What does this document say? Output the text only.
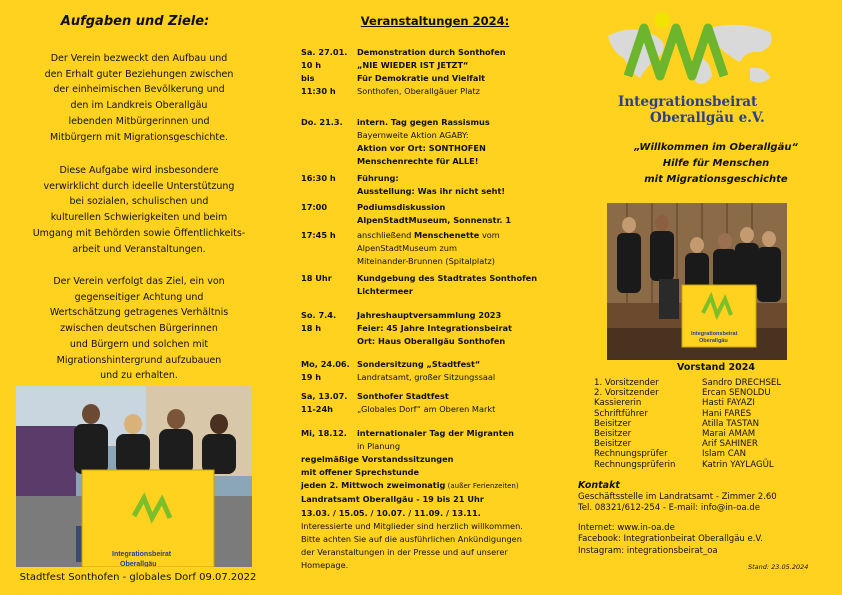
Aufgaben und Ziele:
Der Verein bezweckt den Aufbau und
den Erhalt guter Beziehungen zwischen
der einheimischen Bevölkerung und
den im Landkreis Oberallgäu
lebenden Mitbürgerinnen und
Mitbürgern mit Migrationsgeschichte.
Diese Aufgabe wird insbesondere
verwirklicht durch ideelle Unterstützung
bei sozialen, schulischen und
kulturellen Schwierigkeiten und beim
Umgang mit Behörden sowie Öffentlichkeits-
arbeit und Veranstaltungen.
Der Verein verfolgt das Ziel, ein von
gegenseitiger Achtung und
Wertschätzung getragenes Verhältnis
zwischen deutschen Bürgerinnen
und Bürgern und solchen mit
Migrationshintergrund aufzubauen
und zu erhalten.
Integrationsbeirat
Oberallgäu
Stadtfest Sonthofen - globales Dorf 09.07.2022
Veranstaltungen 2024:
Sa. 27.01.	Demonstration durch Sonthofen
10 h	„NIE WIEDER IST JETZT“
bis	Für Demokratie und Vielfalt
11:30 h	Sonthofen, Oberallgäuer Platz
Do. 21.3.	intern. Tag gegen Rassismus
Bayernweite Aktion AGABY:
Aktion vor Ort: SONTHOFEN
Menschenrechte für ALLE!
16:30 h	Führung:
Ausstellung: Was ihr nicht seht!
17:00	Podiumsdiskussion
AlpenStadtMuseum, Sonnenstr. 1
17:45 h	anschließend Menschenette vom
AlpenStadtMuseum zum
Miteinander-Brunnen (Spitalplatz)
18 Uhr	Kundgebung des Stadtrates Sonthofen
Lichtermeer
So. 7.4.	Jahreshauptversammlung 2023
18 h	Feier: 45 Jahre Integrationsbeirat
Ort: Haus Oberallgäu Sonthofen
Mo, 24.06. Sondersitzung „Stadtfest“
19 h	Landratsamt, großer Sitzungssaal
Sa, 13.07.	Sonthofer Stadtfest
11-24h	„Globales Dorf“ am Oberen Markt
Mi, 18.12.	internationaler Tag der Migranten
in Planung
regelmäßige Vorstandssitzungen
mit offener Sprechstunde
jeden 2. Mittwoch zweimonatig (außer Ferienzeiten)
Landratsamt Oberallgäu - 19 bis 21 Uhr
13.03. / 15.05. / 10.07. / 11.09. / 13.11.
Interessierte und Mitglieder sind herzlich willkommen.
Bitte achten Sie auf die ausführlichen Ankündigungen
der Veranstaltungen in der Presse und auf unserer
Homepage.
Integrationsbeirat
Oberallgäu e.V.
„Willkommen im Oberallgäu“
Hilfe für Menschen
mit Migrationsgeschichte
Integrationsbeirat
Oberallgäu
Vorstand 2024
1. Vorsitzender	Sandro DRECHSEL
2. Vorsitzender	Ercan SENOLDU
Kassiererin	Hasti FAYAZI
Schriftführer	Hani FARES
Beisitzer	Atilla TASTAN
Beisitzer	Marai AMAM
Beisitzer	Arif SAHINER
Rechnungsprüfer	Islam CAN
Rechnungsprüferin	Katrin YAYLAGÜL
Kontakt
Geschäftsstelle im Landratsamt - Zimmer 2.60
Tel. 08321/612-254 - E-mail: info@in-oa.de
Internet: www.in-oa.de
Facebook: Integrationbeirat Oberallgäu e.V.
Instagram: integrationsbeirat_oa
Stand: 23.05.2024
